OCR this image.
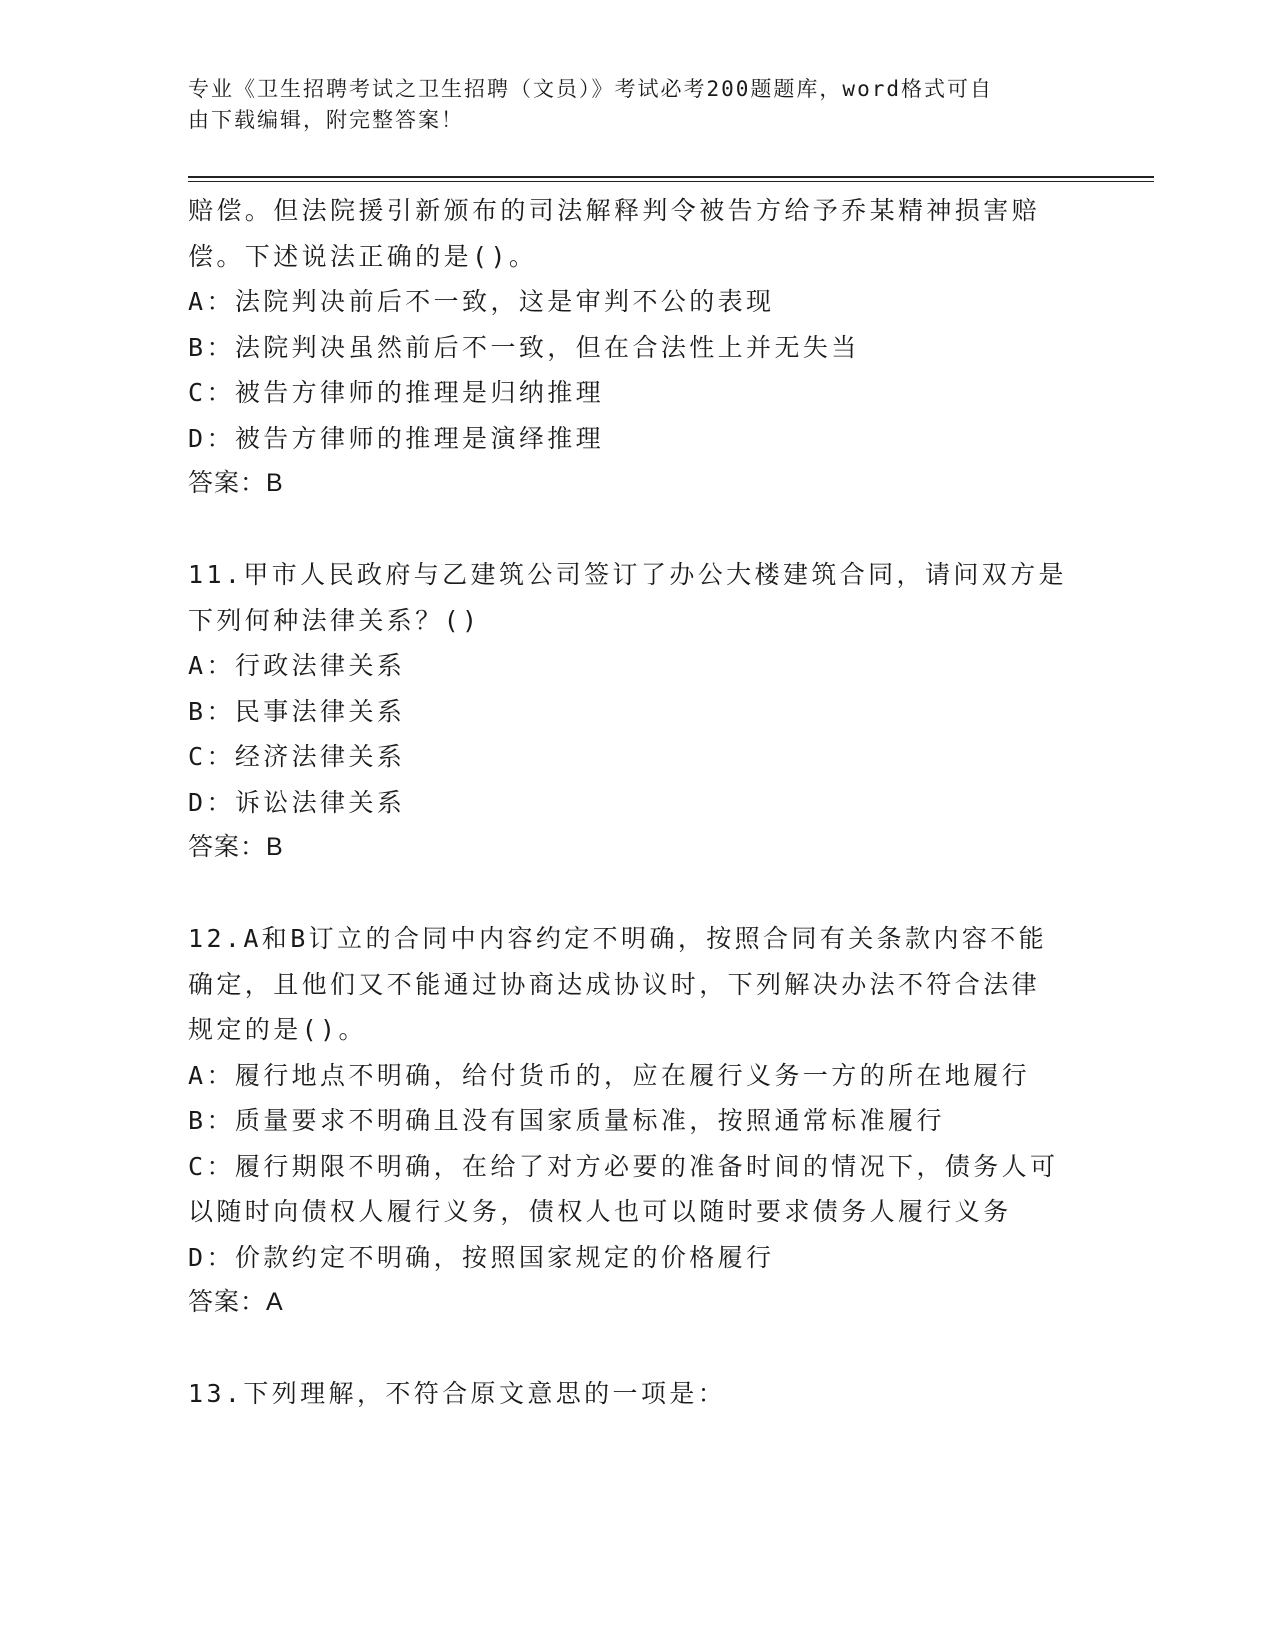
专业《卫生招聘考试之卫生招聘（文员）》考试必考200题题库，word格式可自
由下载编辑，附完整答案！
赔偿。但法院援引新颁布的司法解释判令被告方给予乔某精神损害赔
偿。下述说法正确的是()。
A：法院判决前后不一致，这是审判不公的表现
B：法院判决虽然前后不一致，但在合法性上并无失当
C：被告方律师的推理是归纳推理
D：被告方律师的推理是演绎推理
答案：B
11.甲市人民政府与乙建筑公司签订了办公大楼建筑合同，请问双方是
下列何种法律关系？()
A：行政法律关系
B：民事法律关系
C：经济法律关系
D：诉讼法律关系
答案：B
12.A和B订立的合同中内容约定不明确，按照合同有关条款内容不能
确定，且他们又不能通过协商达成协议时，下列解决办法不符合法律
规定的是()。
A：履行地点不明确，给付货币的，应在履行义务一方的所在地履行
B：质量要求不明确且没有国家质量标准，按照通常标准履行
C：履行期限不明确，在给了对方必要的准备时间的情况下，债务人可
以随时向债权人履行义务，债权人也可以随时要求债务人履行义务
D：价款约定不明确，按照国家规定的价格履行
答案：A
13.下列理解，不符合原文意思的一项是：
